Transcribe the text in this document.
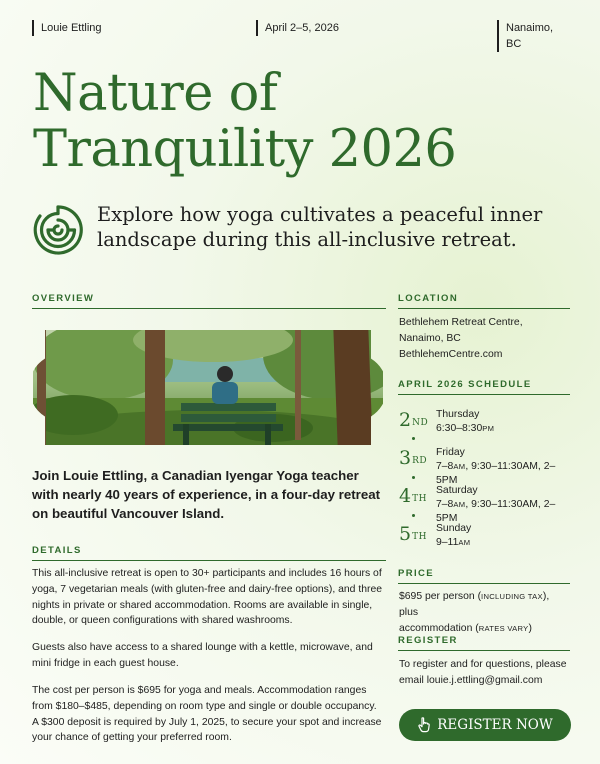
Louie Ettling	April 2–5, 2026	Nanaimo, BC
Nature of
Tranquility 2026
Explore how yoga cultivates a peaceful inner
landscape during this all-inclusive retreat.
OVERVIEW

Join Louie Ettling, a Canadian Iyengar Yoga teacher with nearly 40 years of experience, in a four-day retreat on beautiful Vancouver Island.

DETAILS

This all-inclusive retreat is open to 30+ participants and includes 16 hours of yoga, 7 vegetarian meals (with gluten-free and dairy-free options), and three nights in private or shared accommodation. Rooms are available in single, double, or queen configurations with shared washrooms.

Guests also have access to a shared lounge with a kettle, microwave, and mini fridge in each guest house.

The cost per person is $695 for yoga and meals. Accommodation ranges from $180–$485, depending on room type and single or double occupancy. A $300 deposit is required by July 1, 2025, to secure your spot and increase your chance of getting your preferred room.

LOCATION

Bethlehem Retreat Centre,
Nanaimo, BC
BethlehemCentre.com

APRIL 2026 SCHEDULE
2ND
Thursday
6:30–8:30PM
3RD
Friday
7–8AM, 9:30–11:30AM, 2–5PM
4TH
Saturday
7–8AM, 9:30–11:30AM, 2–5PM
5TH
Sunday
9–11AM
PRICE

$695 per person (INCLUDING TAX), plus
accommodation (RATES VARY)

REGISTER

To register and for questions, please email louie.j.ettling@gmail.com

REGISTER NOW
